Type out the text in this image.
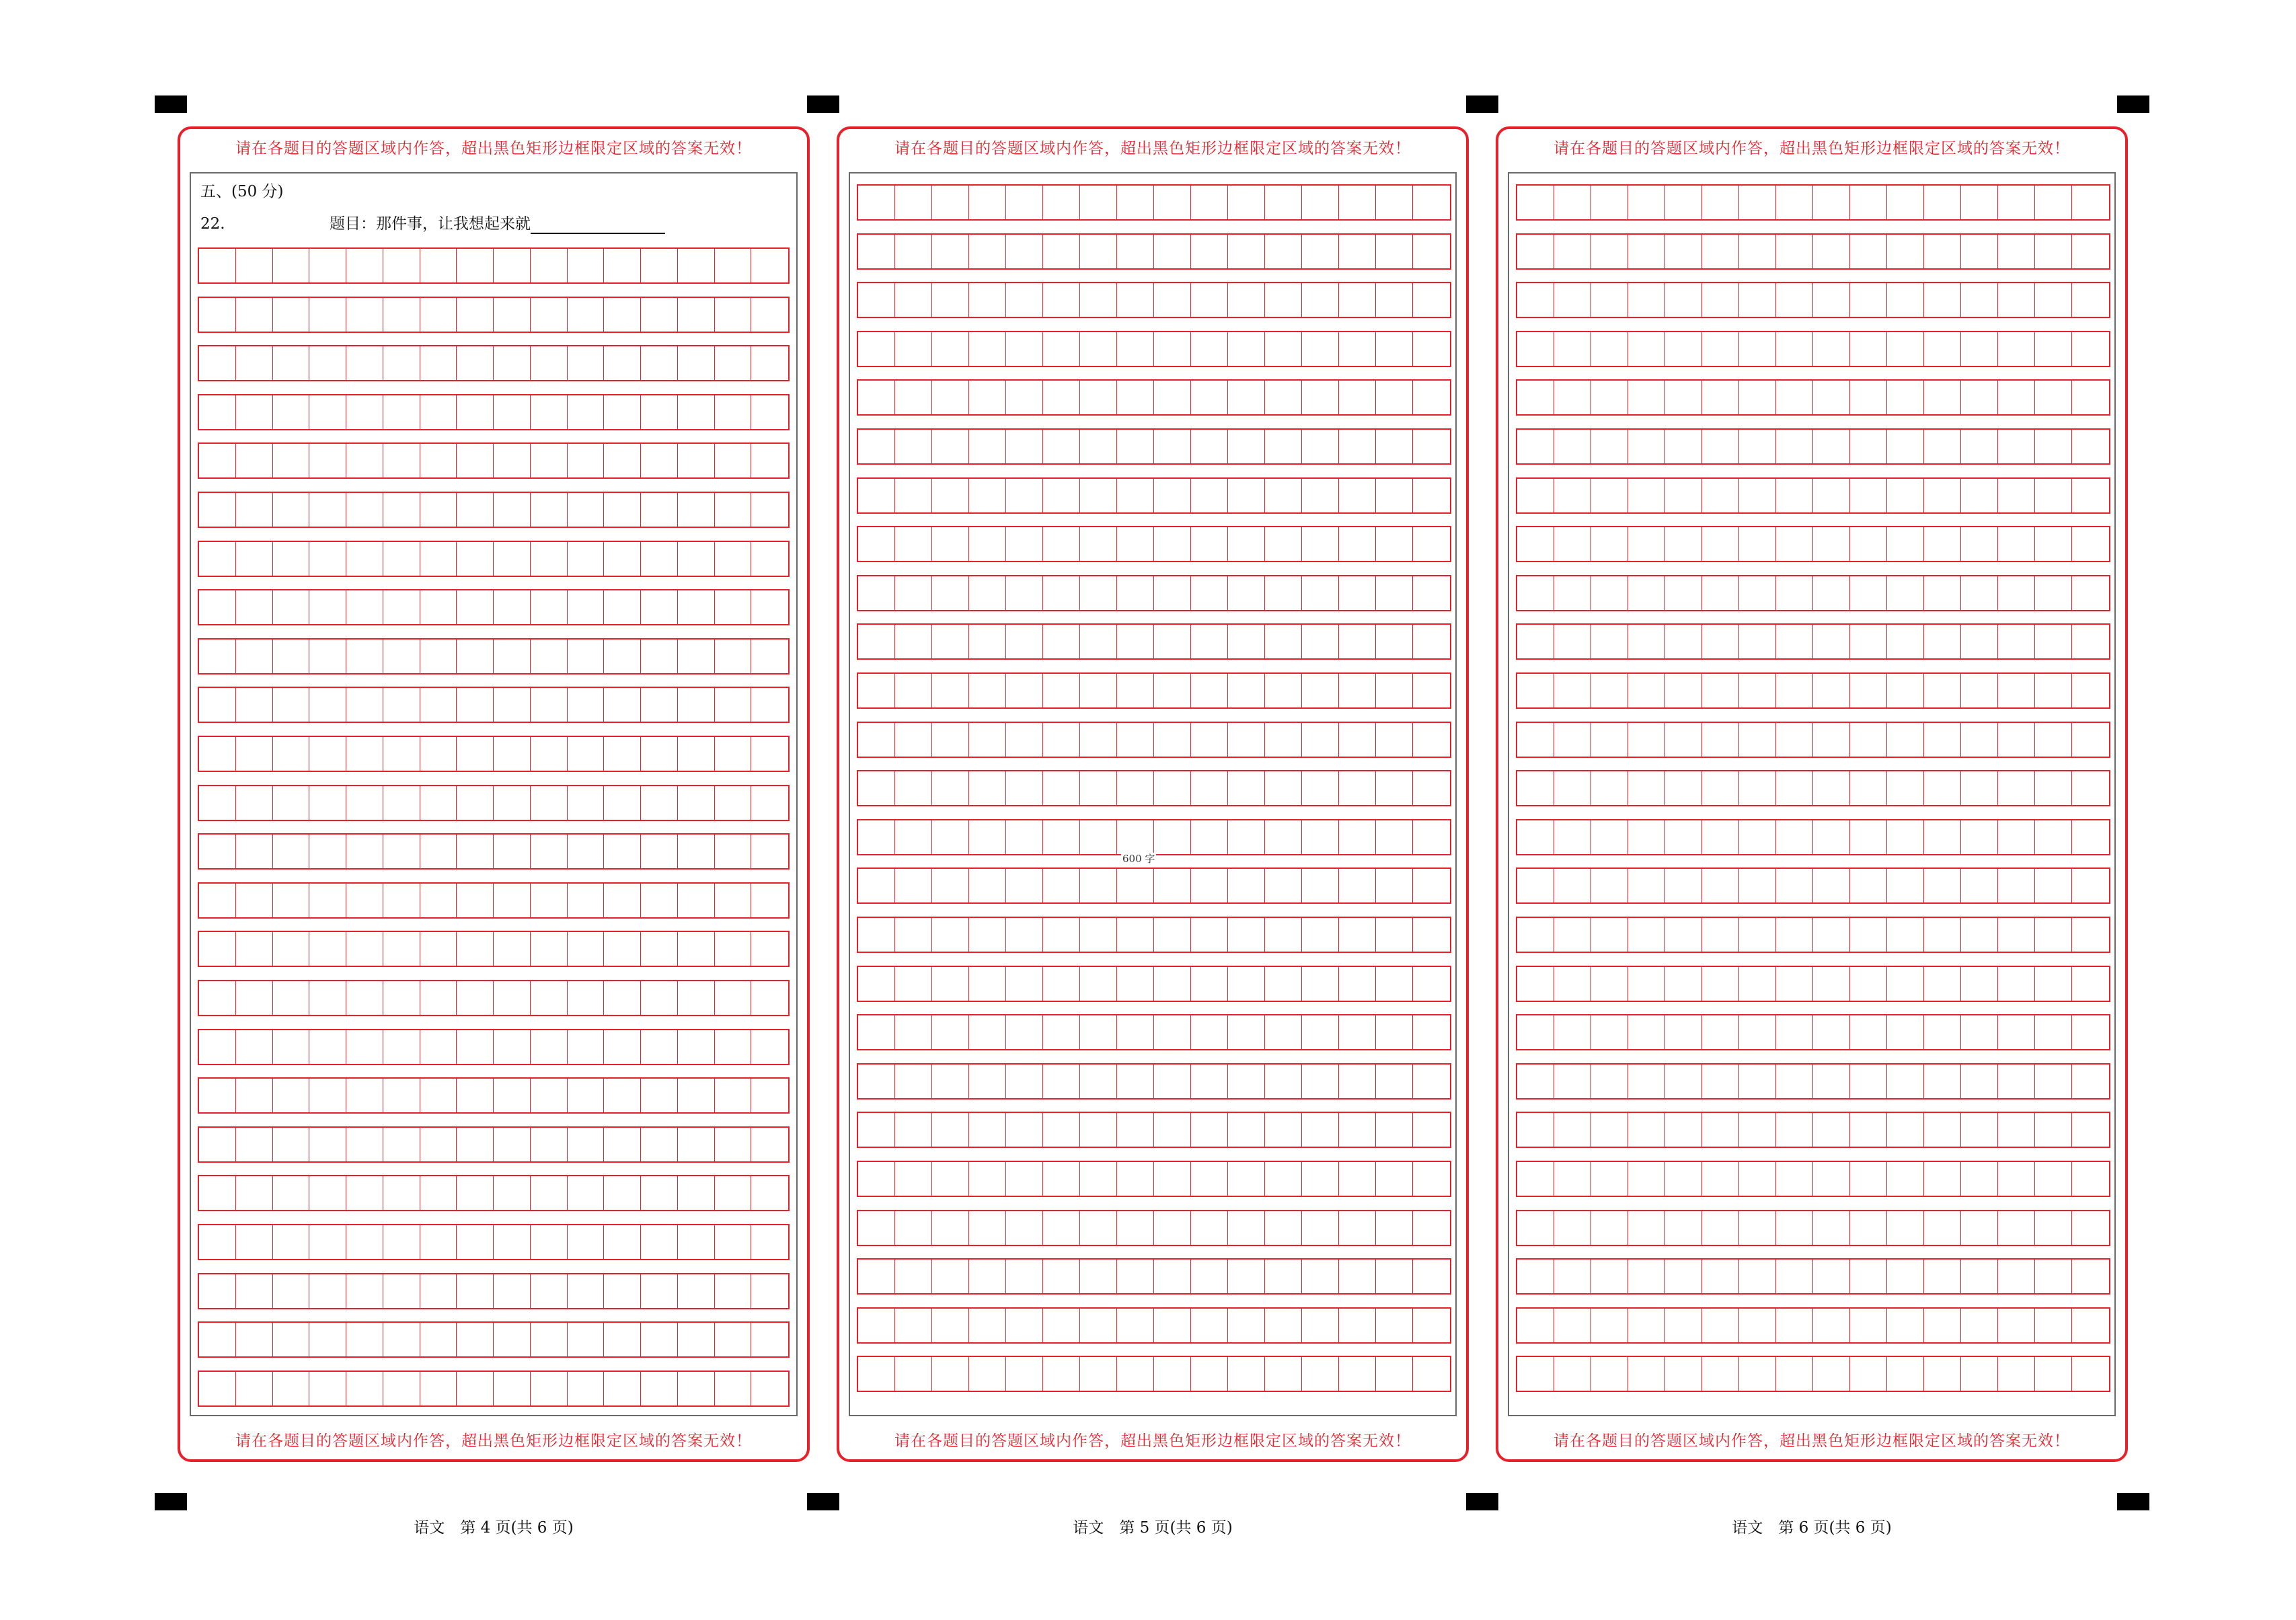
请在各题目的答题区域内作答，超出黑色矩形边框限定区域的答案无效！
五、(50 分)
22.	题目：那件事，让我想起来就
请在各题目的答题区域内作答，超出黑色矩形边框限定区域的答案无效！
请在各题目的答题区域内作答，超出黑色矩形边框限定区域的答案无效！
600 字
请在各题目的答题区域内作答，超出黑色矩形边框限定区域的答案无效！
请在各题目的答题区域内作答，超出黑色矩形边框限定区域的答案无效！
请在各题目的答题区域内作答，超出黑色矩形边框限定区域的答案无效！
语文　第 4 页(共 6 页)	语文　第 5 页(共 6 页)	语文　第 6 页(共 6 页)
